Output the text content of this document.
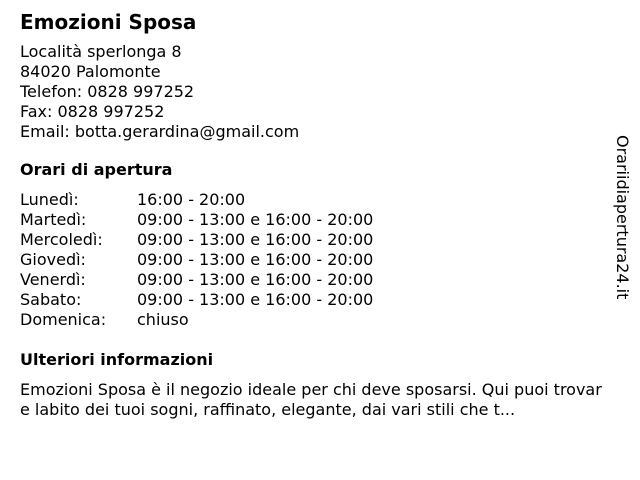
Emozioni Sposa
Località sperlonga 8
84020 Palomonte
Telefon: 0828 997252
Fax: 0828 997252
Email: botta.gerardina@gmail.com
Orari di apertura
Lunedì:	16:00 - 20:00
Martedì:	09:00 - 13:00 e 16:00 - 20:00
Mercoledì:	09:00 - 13:00 e 16:00 - 20:00
Giovedì:	09:00 - 13:00 e 16:00 - 20:00
Venerdì:	09:00 - 13:00 e 16:00 - 20:00
Sabato:	09:00 - 13:00 e 16:00 - 20:00
Domenica:	chiuso
Ulteriori informazioni
Emozioni Sposa è il negozio ideale per chi deve sposarsi. Qui puoi trovare labito dei tuoi sogni, raffinato, elegante, dai vari stili che t...
Orariidiapertura24.it
